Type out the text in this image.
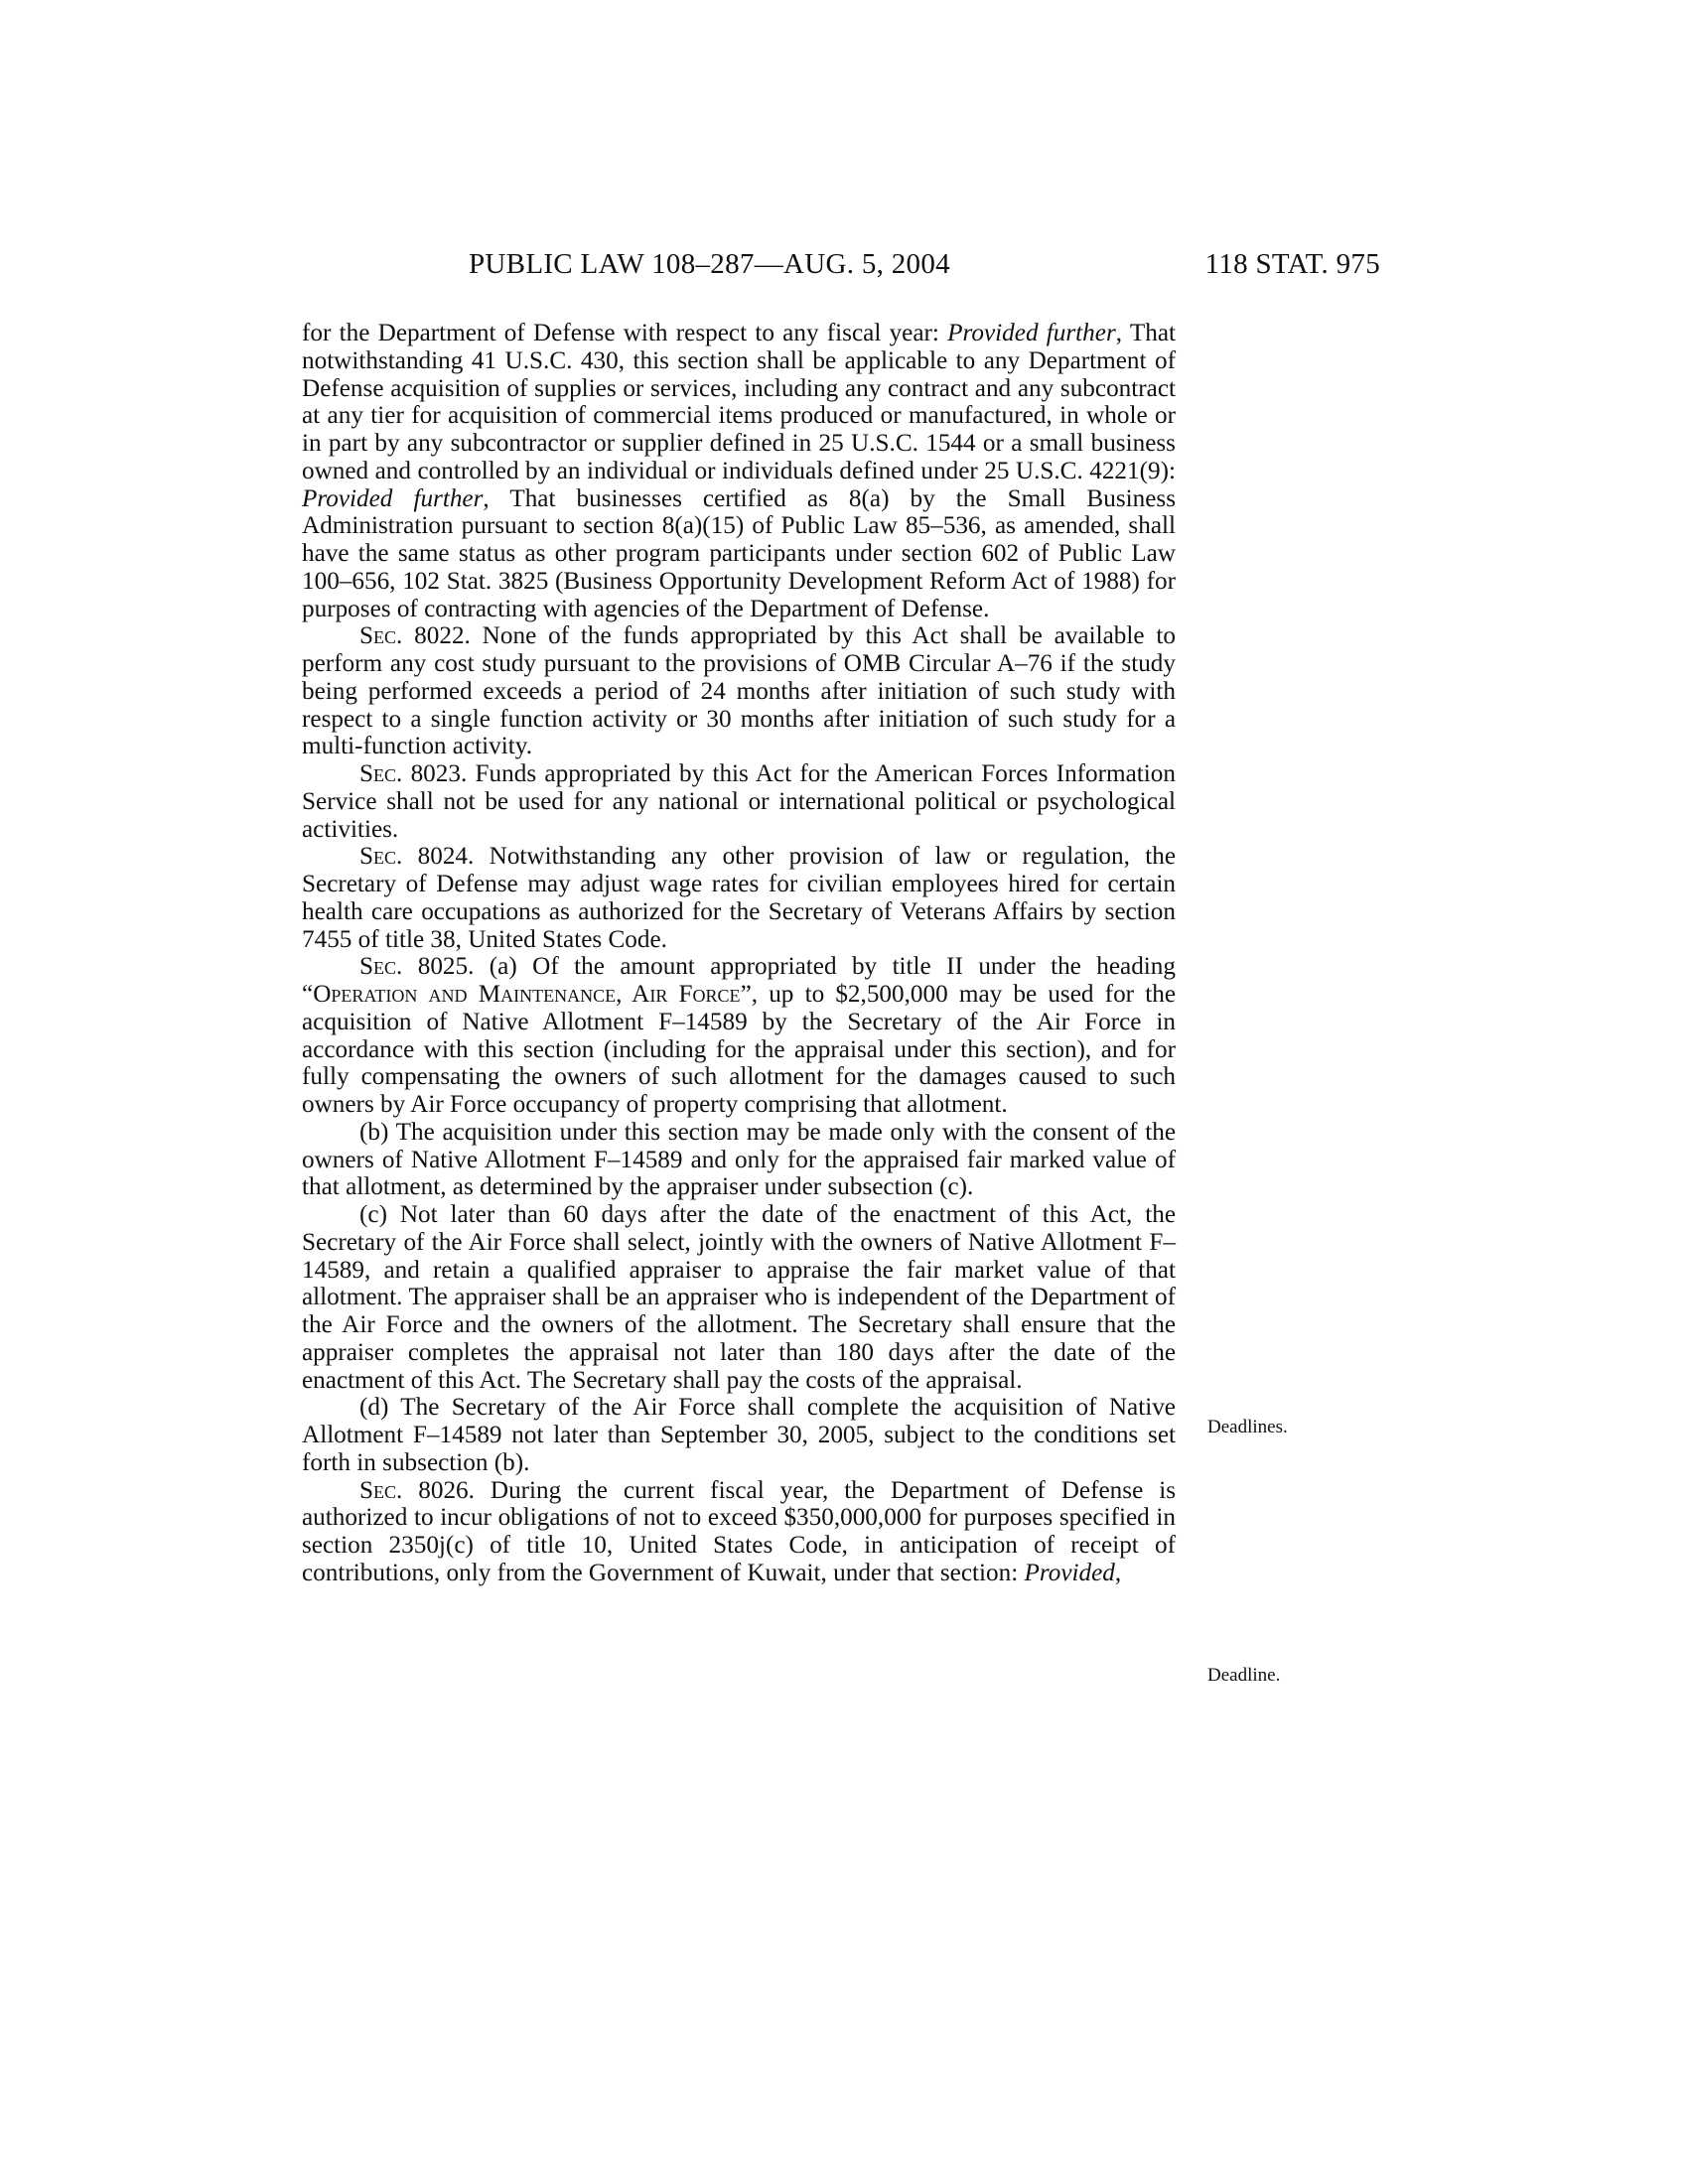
PUBLIC LAW 108–287—AUG. 5, 2004	118 STAT. 975

for the Department of Defense with respect to any fiscal year: Provided further, That notwithstanding 41 U.S.C. 430, this section shall be applicable to any Department of Defense acquisition of supplies or services, including any contract and any subcontract at any tier for acquisition of commercial items produced or manufactured, in whole or in part by any subcontractor or supplier defined in 25 U.S.C. 1544 or a small business owned and controlled by an individual or individuals defined under 25 U.S.C. 4221(9): Provided further, That businesses certified as 8(a) by the Small Business Administration pursuant to section 8(a)(15) of Public Law 85–536, as amended, shall have the same status as other program participants under section 602 of Public Law 100–656, 102 Stat. 3825 (Business Opportunity Development Reform Act of 1988) for purposes of contracting with agencies of the Department of Defense.

Sec. 8022. None of the funds appropriated by this Act shall be available to perform any cost study pursuant to the provisions of OMB Circular A–76 if the study being performed exceeds a period of 24 months after initiation of such study with respect to a single function activity or 30 months after initiation of such study for a multi-function activity.

Sec. 8023. Funds appropriated by this Act for the American Forces Information Service shall not be used for any national or international political or psychological activities.

Sec. 8024. Notwithstanding any other provision of law or regulation, the Secretary of Defense may adjust wage rates for civilian employees hired for certain health care occupations as authorized for the Secretary of Veterans Affairs by section 7455 of title 38, United States Code.

Sec. 8025. (a) Of the amount appropriated by title II under the heading “Operation and Maintenance, Air Force”, up to $2,500,000 may be used for the acquisition of Native Allotment F–14589 by the Secretary of the Air Force in accordance with this section (including for the appraisal under this section), and for fully compensating the owners of such allotment for the damages caused to such owners by Air Force occupancy of property comprising that allotment.

(b) The acquisition under this section may be made only with the consent of the owners of Native Allotment F–14589 and only for the appraised fair marked value of that allotment, as determined by the appraiser under subsection (c).

(c) Not later than 60 days after the date of the enactment of this Act, the Secretary of the Air Force shall select, jointly with the owners of Native Allotment F–14589, and retain a qualified appraiser to appraise the fair market value of that allotment. The appraiser shall be an appraiser who is independent of the Department of the Air Force and the owners of the allotment. The Secretary shall ensure that the appraiser completes the appraisal not later than 180 days after the date of the enactment of this Act. The Secretary shall pay the costs of the appraisal.

(d) The Secretary of the Air Force shall complete the acquisition of Native Allotment F–14589 not later than September 30, 2005, subject to the conditions set forth in subsection (b).

Sec. 8026. During the current fiscal year, the Department of Defense is authorized to incur obligations of not to exceed $350,000,000 for purposes specified in section 2350j(c) of title 10, United States Code, in anticipation of receipt of contributions, only from the Government of Kuwait, under that section: Provided,

Deadlines.
Deadline.
